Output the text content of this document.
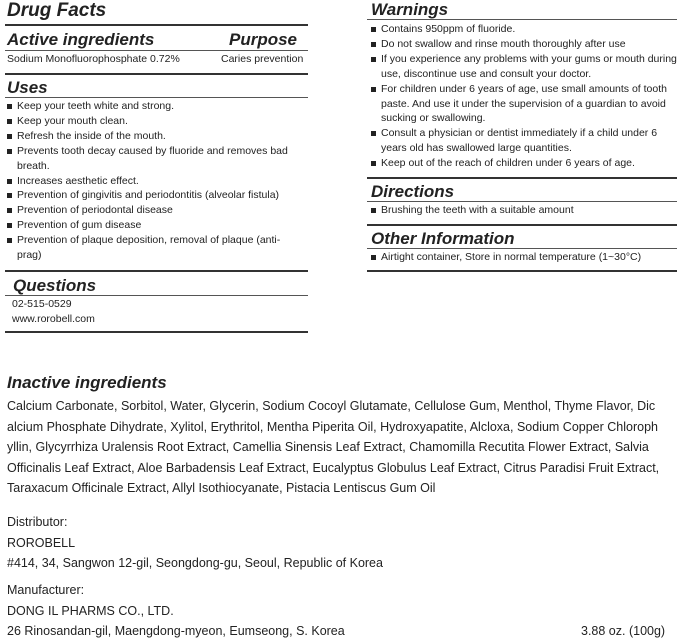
Drug Facts
Active ingredients	Purpose
Sodium Monofluorophosphate 0.72%	Caries prevention
Uses
Keep your teeth white and strong.
Keep your mouth clean.
Refresh the inside of the mouth.
Prevents tooth decay caused by fluoride and removes bad breath.
Increases aesthetic effect.
Prevention of gingivitis and periodontitis (alveolar fistula)
Prevention of periodontal disease
Prevention of gum disease
Prevention of plaque deposition, removal of plaque (anti- prag)
Questions
02-515-0529
www.rorobell.com
Warnings
Contains 950ppm of fluoride.
Do not swallow and rinse mouth thoroughly after use
If you experience any problems with your gums or mouth during use, discontinue use and consult your doctor.
For children under 6 years of age, use small amounts of tooth paste. And use it under the supervision of a guardian to avoid sucking or swallowing.
Consult a physician or dentist immediately if a child under 6 years old has swallowed large quantities.
Keep out of the reach of children under 6 years of age.
Directions
Brushing the teeth with a suitable amount
Other Information
Airtight container, Store in normal temperature (1~30°C)
Inactive ingredients
Calcium Carbonate, Sorbitol, Water, Glycerin, Sodium Cocoyl Glutamate, Cellulose Gum, Menthol, Thyme Flavor, Dic
alcium Phosphate Dihydrate, Xylitol, Erythritol, Mentha Piperita Oil, Hydroxyapatite, Alcloxa, Sodium Copper Chloroph
yllin, Glycyrrhiza Uralensis Root Extract, Camellia Sinensis Leaf Extract, Chamomilla Recutita Flower Extract, Salvia
Officinalis Leaf Extract, Aloe Barbadensis Leaf Extract, Eucalyptus Globulus Leaf Extract, Citrus Paradisi Fruit Extract,
Taraxacum Officinale Extract, Allyl Isothiocyanate, Pistacia Lentiscus Gum Oil
Distributor:
ROROBELL
#414, 34, Sangwon 12-gil, Seongdong-gu, Seoul, Republic of Korea
Manufacturer:
DONG IL PHARMS CO., LTD.
26 Rinosandan-gil, Maengdong-myeon, Eumseong, S. Korea	3.88 oz. (100g)
